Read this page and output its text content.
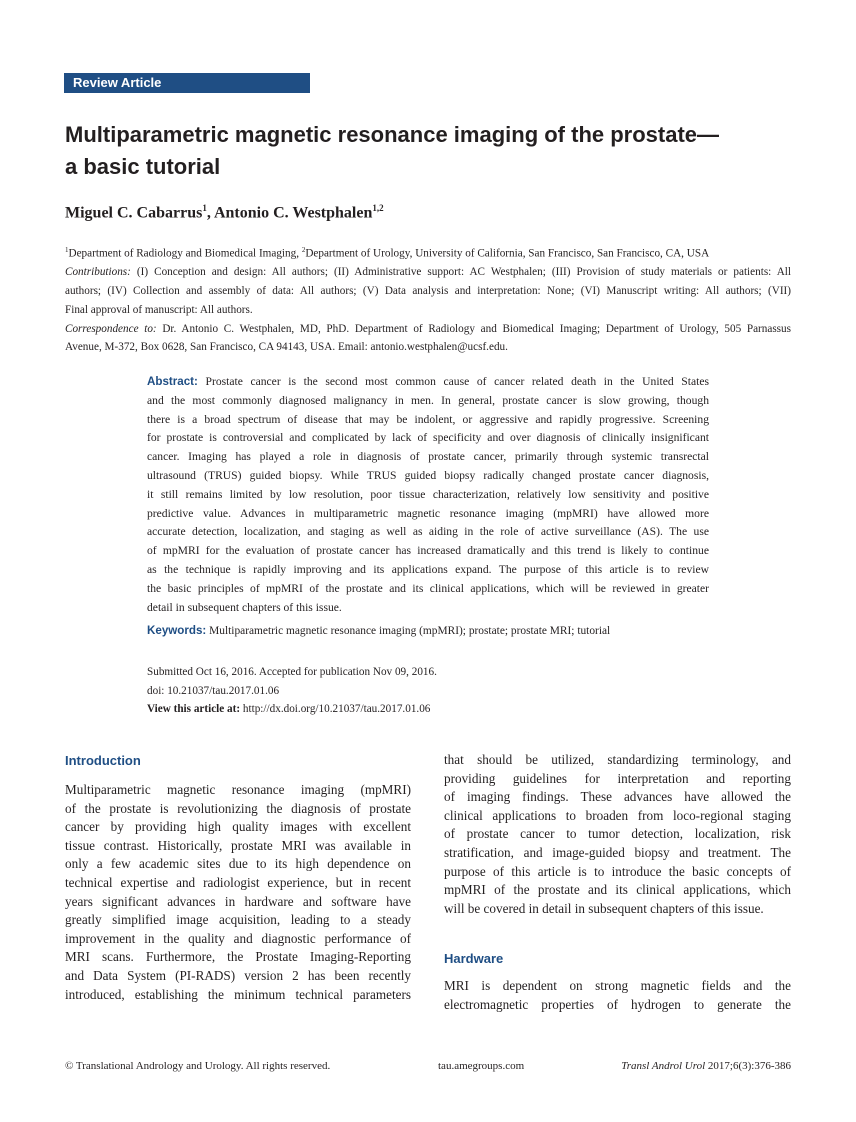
Review Article
Multiparametric magnetic resonance imaging of the prostate—
a basic tutorial
Miguel C. Cabarrus$^1$, Antonio C. Westphalen$^{1,2}$
$^1$Department of Radiology and Biomedical Imaging, $^2$Department of Urology, University of California, San Francisco, San Francisco, CA, USA
Contributions: (I) Conception and design: All authors; (II) Administrative support: AC Westphalen; (III) Provision of study materials or patients: All
authors; (IV) Collection and assembly of data: All authors; (V) Data analysis and interpretation: None; (VI) Manuscript writing: All authors; (VII)
Final approval of manuscript: All authors.
Correspondence to: Dr. Antonio C. Westphalen, MD, PhD. Department of Radiology and Biomedical Imaging; Department of Urology, 505 Parnassus
Avenue, M-372, Box 0628, San Francisco, CA 94143, USA. Email: antonio.westphalen@ucsf.edu.
Abstract: Prostate cancer is the second most common cause of cancer related death in the United States
and the most commonly diagnosed malignancy in men. In general, prostate cancer is slow growing, though
there is a broad spectrum of disease that may be indolent, or aggressive and rapidly progressive. Screening
for prostate is controversial and complicated by lack of specificity and over diagnosis of clinically insignificant
cancer. Imaging has played a role in diagnosis of prostate cancer, primarily through systemic transrectal
ultrasound (TRUS) guided biopsy. While TRUS guided biopsy radically changed prostate cancer diagnosis,
it still remains limited by low resolution, poor tissue characterization, relatively low sensitivity and positive
predictive value. Advances in multiparametric magnetic resonance imaging (mpMRI) have allowed more
accurate detection, localization, and staging as well as aiding in the role of active surveillance (AS). The use
of mpMRI for the evaluation of prostate cancer has increased dramatically and this trend is likely to continue
as the technique is rapidly improving and its applications expand. The purpose of this article is to review
the basic principles of mpMRI of the prostate and its clinical applications, which will be reviewed in greater
detail in subsequent chapters of this issue.
Keywords: Multiparametric magnetic resonance imaging (mpMRI); prostate; prostate MRI; tutorial
Submitted Oct 16, 2016. Accepted for publication Nov 09, 2016.
doi: 10.21037/tau.2017.01.06
View this article at: http://dx.doi.org/10.21037/tau.2017.01.06
Introduction
Multiparametric magnetic resonance imaging (mpMRI)
of the prostate is revolutionizing the diagnosis of prostate
cancer by providing high quality images with excellent
tissue contrast. Historically, prostate MRI was available in
only a few academic sites due to its high dependence on
technical expertise and radiologist experience, but in recent
years significant advances in hardware and software have
greatly simplified image acquisition, leading to a steady
improvement in the quality and diagnostic performance of
MRI scans. Furthermore, the Prostate Imaging-Reporting
and Data System (PI-RADS) version 2 has been recently
introduced, establishing the minimum technical parameters
that should be utilized, standardizing terminology, and
providing guidelines for interpretation and reporting
of imaging findings. These advances have allowed the
clinical applications to broaden from loco-regional staging
of prostate cancer to tumor detection, localization, risk
stratification, and image-guided biopsy and treatment. The
purpose of this article is to introduce the basic concepts of
mpMRI of the prostate and its clinical applications, which
will be covered in detail in subsequent chapters of this issue.
Hardware
MRI is dependent on strong magnetic fields and the
electromagnetic properties of hydrogen to generate the
© Translational Andrology and Urology. All rights reserved.	tau.amegroups.com	Transl Androl Urol 2017;6(3):376-386
